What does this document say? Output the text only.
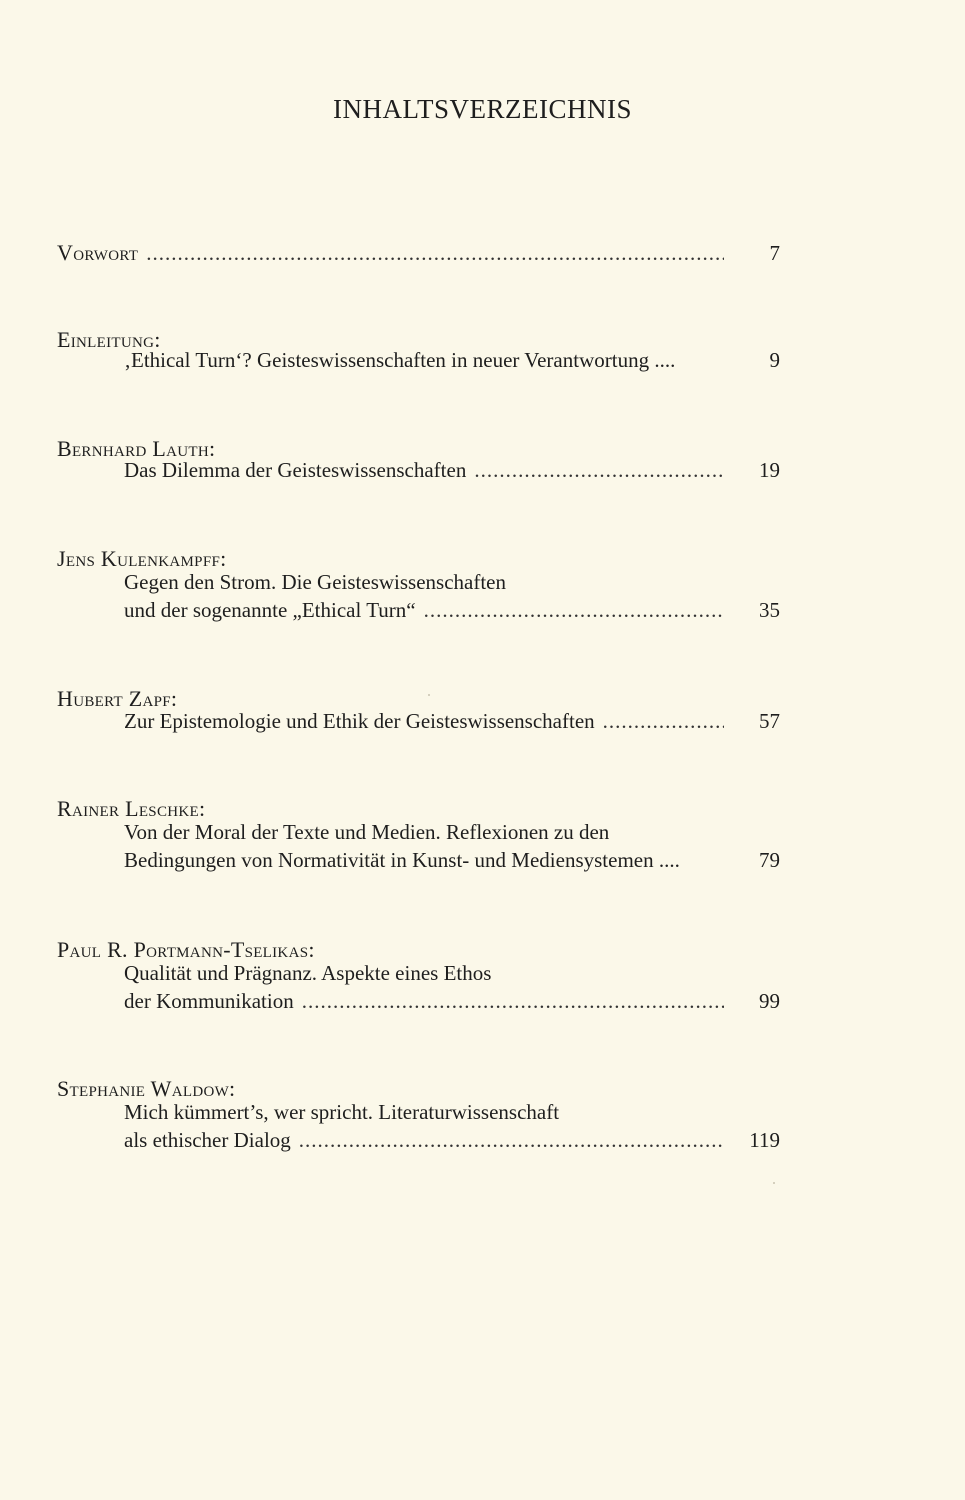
INHALTSVERZEICHNIS
Vorwort .....	7
Einleitung:
‚Ethical Turn‘? Geisteswissenschaften in neuer Verantwortung ....	9
Bernhard Lauth:
Das Dilemma der Geisteswissenschaften .....	19
Jens Kulenkampff:
Gegen den Strom. Die Geisteswissenschaften
und der sogenannte „Ethical Turn“ .....	35
Hubert Zapf:
Zur Epistemologie und Ethik der Geisteswissenschaften .....	57
Rainer Leschke:
Von der Moral der Texte und Medien. Reflexionen zu den
Bedingungen von Normativität in Kunst- und Mediensystemen ....	79
Paul R. Portmann-Tselikas:
Qualität und Prägnanz. Aspekte eines Ethos
der Kommunikation .....	99
Stephanie Waldow:
Mich kümmert’s, wer spricht. Literaturwissenschaft
als ethischer Dialog .....	119
